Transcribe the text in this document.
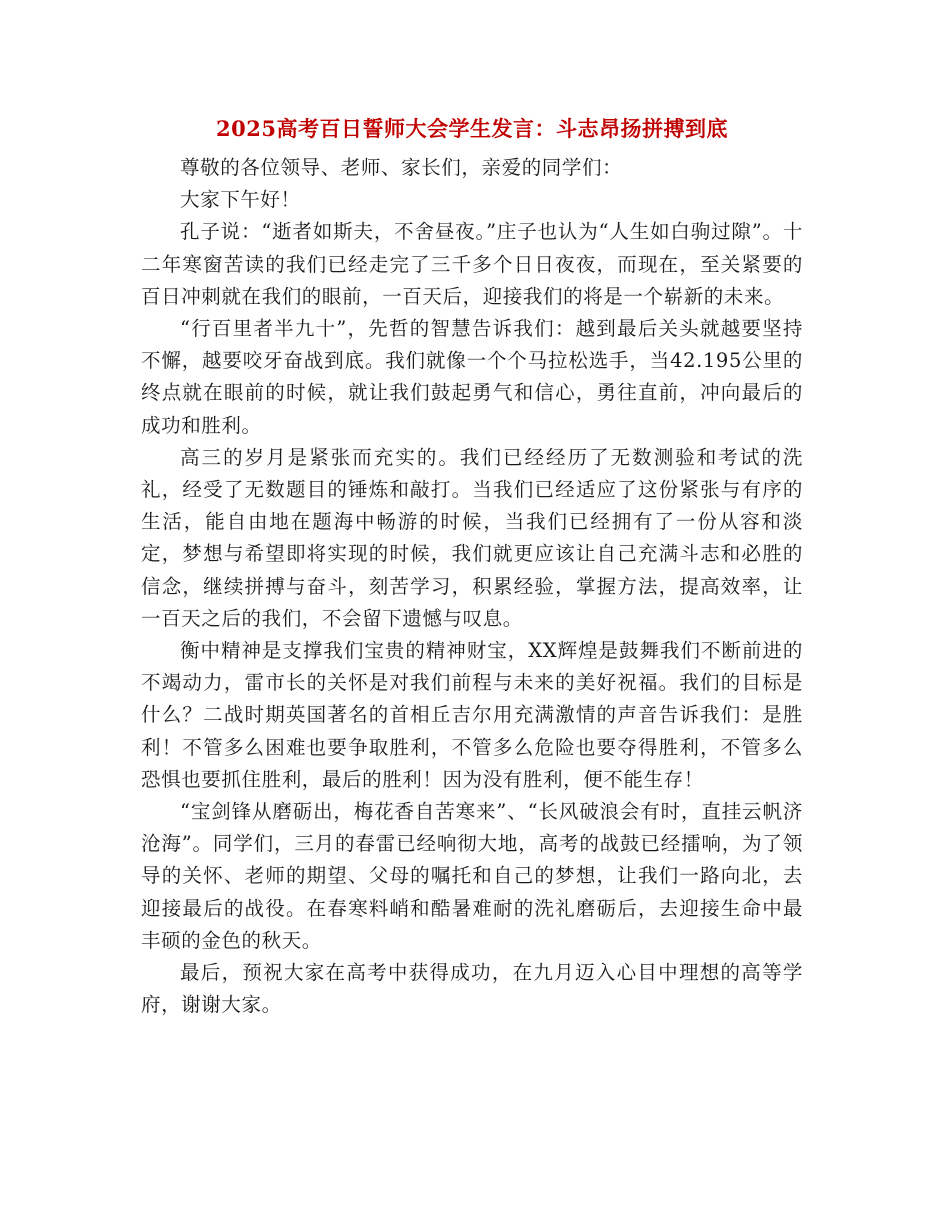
2025高考百日誓师大会学生发言：斗志昂扬拼搏到底

尊敬的各位领导、老师、家长们，亲爱的同学们：

大家下午好！

孔子说：“逝者如斯夫，不舍昼夜。”庄子也认为“人生如白驹过隙”。十二年寒窗苦读的我们已经走完了三千多个日日夜夜，而现在，至关紧要的百日冲刺就在我们的眼前，一百天后，迎接我们的将是一个崭新的未来。

“行百里者半九十”，先哲的智慧告诉我们：越到最后关头就越要坚持不懈，越要咬牙奋战到底。我们就像一个个马拉松选手，当42.195公里的终点就在眼前的时候，就让我们鼓起勇气和信心，勇往直前，冲向最后的成功和胜利。

高三的岁月是紧张而充实的。我们已经经历了无数测验和考试的洗礼，经受了无数题目的锤炼和敲打。当我们已经适应了这份紧张与有序的生活，能自由地在题海中畅游的时候，当我们已经拥有了一份从容和淡定，梦想与希望即将实现的时候，我们就更应该让自己充满斗志和必胜的信念，继续拼搏与奋斗，刻苦学习，积累经验，掌握方法，提高效率，让一百天之后的我们，不会留下遗憾与叹息。

衡中精神是支撑我们宝贵的精神财宝，XX辉煌是鼓舞我们不断前进的不竭动力，雷市长的关怀是对我们前程与未来的美好祝福。我们的目标是什么？二战时期英国著名的首相丘吉尔用充满激情的声音告诉我们：是胜利！不管多么困难也要争取胜利，不管多么危险也要夺得胜利，不管多么恐惧也要抓住胜利，最后的胜利！因为没有胜利，便不能生存！

“宝剑锋从磨砺出，梅花香自苦寒来”、“长风破浪会有时，直挂云帆济沧海”。同学们，三月的春雷已经响彻大地，高考的战鼓已经擂响，为了领导的关怀、老师的期望、父母的嘱托和自己的梦想，让我们一路向北，去迎接最后的战役。在春寒料峭和酷暑难耐的洗礼磨砺后，去迎接生命中最丰硕的金色的秋天。

最后，预祝大家在高考中获得成功，在九月迈入心目中理想的高等学府，谢谢大家。
